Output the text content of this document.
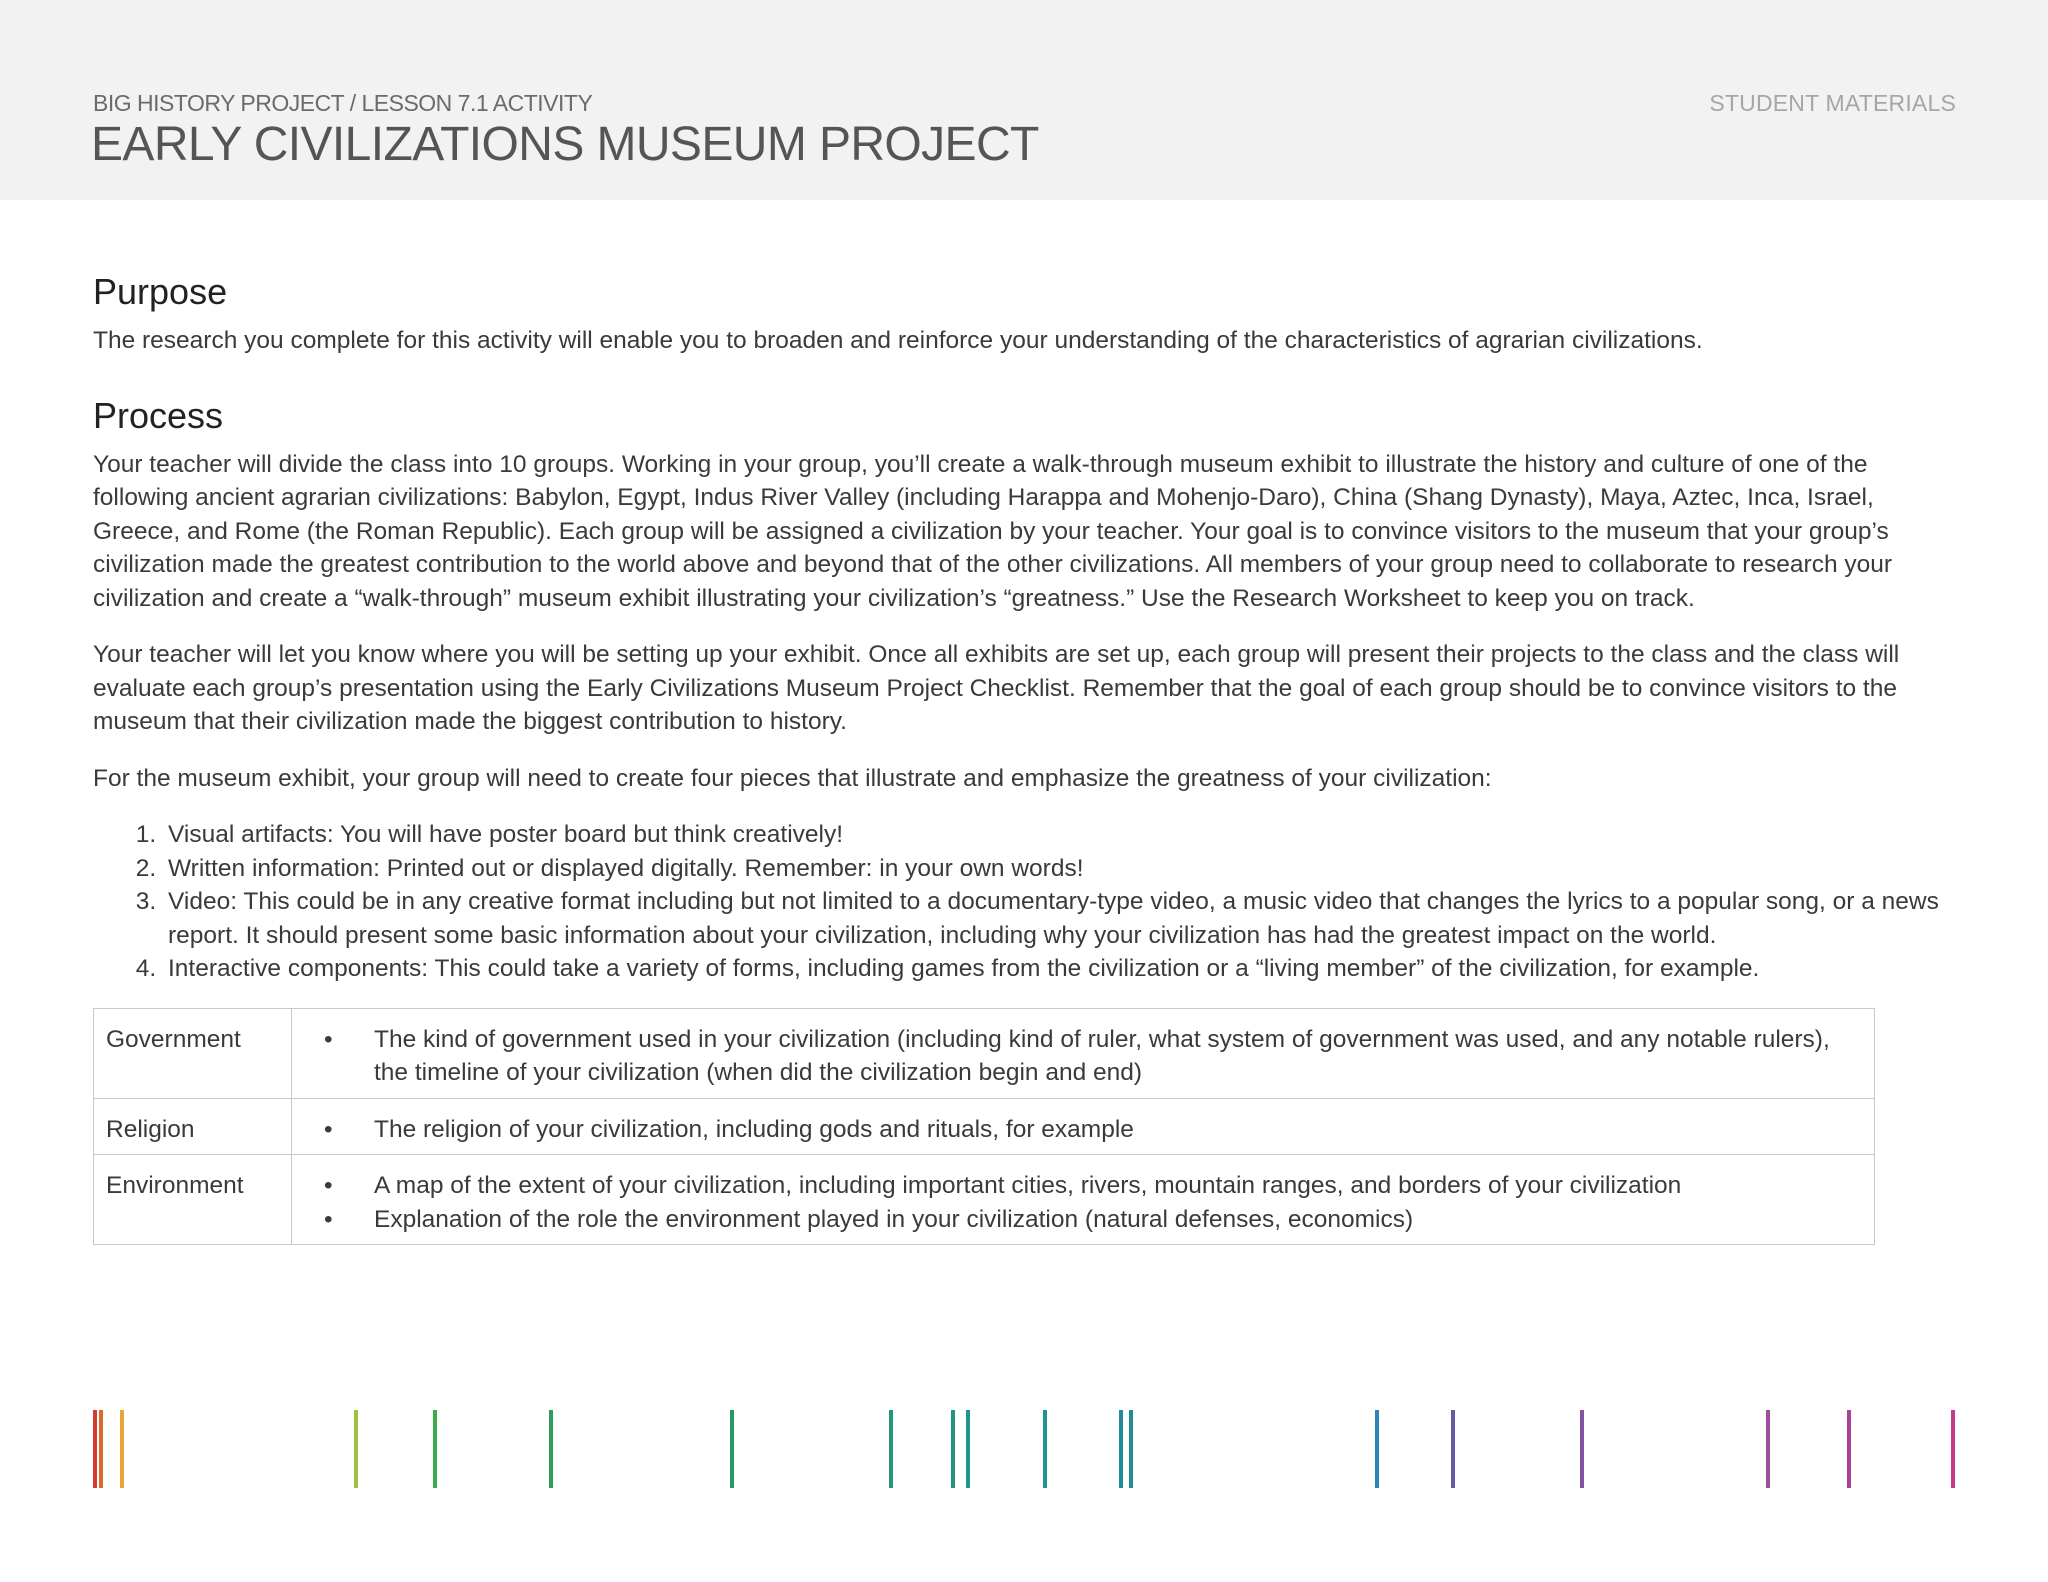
BIG HISTORY PROJECT / LESSON 7.1 ACTIVITY	STUDENT MATERIALS
EARLY CIVILIZATIONS MUSEUM PROJECT
Purpose

The research you complete for this activity will enable you to broaden and reinforce your understanding of the characteristics of agrarian civilizations.

Process

Your teacher will divide the class into 10 groups. Working in your group, you’ll create a walk-through museum exhibit to illustrate the history and culture of one of the following ancient agrarian civilizations: Babylon, Egypt, Indus River Valley (including Harappa and Mohenjo-Daro), China (Shang Dynasty), Maya, Aztec, Inca, Israel, Greece, and Rome (the Roman Republic). Each group will be assigned a civilization by your teacher. Your goal is to convince visitors to the museum that your group’s civilization made the greatest contribution to the world above and beyond that of the other civilizations. All members of your group need to collaborate to research your civilization and create a “walk-through” museum exhibit illustrating your civilization’s “greatness.” Use the Research Worksheet to keep you on track.

Your teacher will let you know where you will be setting up your exhibit. Once all exhibits are set up, each group will present their projects to the class and the class will evaluate each group’s presentation using the Early Civilizations Museum Project Checklist. Remember that the goal of each group should be to convince visitors to the museum that their civilization made the biggest contribution to history.

For the museum exhibit, your group will need to create four pieces that illustrate and emphasize the greatness of your civilization:

1. Visual artifacts: You will have poster board but think creatively!
2. Written information: Printed out or displayed digitally. Remember: in your own words!
3. Video: This could be in any creative format including but not limited to a documentary-type video, a music video that changes the lyrics to a popular song, or a news report. It should present some basic information about your civilization, including why your civilization has had the greatest impact on the world.
4. Interactive components: This could take a variety of forms, including games from the civilization or a “living member” of the civilization, for example.
Government	• The kind of government used in your civilization (including kind of ruler, what system of government was used, and any notable rulers), the timeline of your civilization (when did the civilization begin and end)

Religion	• The religion of your civilization, including gods and rituals, for example

Environment	• A map of the extent of your civilization, including important cities, rivers, mountain ranges, and borders of your civilization
• Explanation of the role the environment played in your civilization (natural defenses, economics)
